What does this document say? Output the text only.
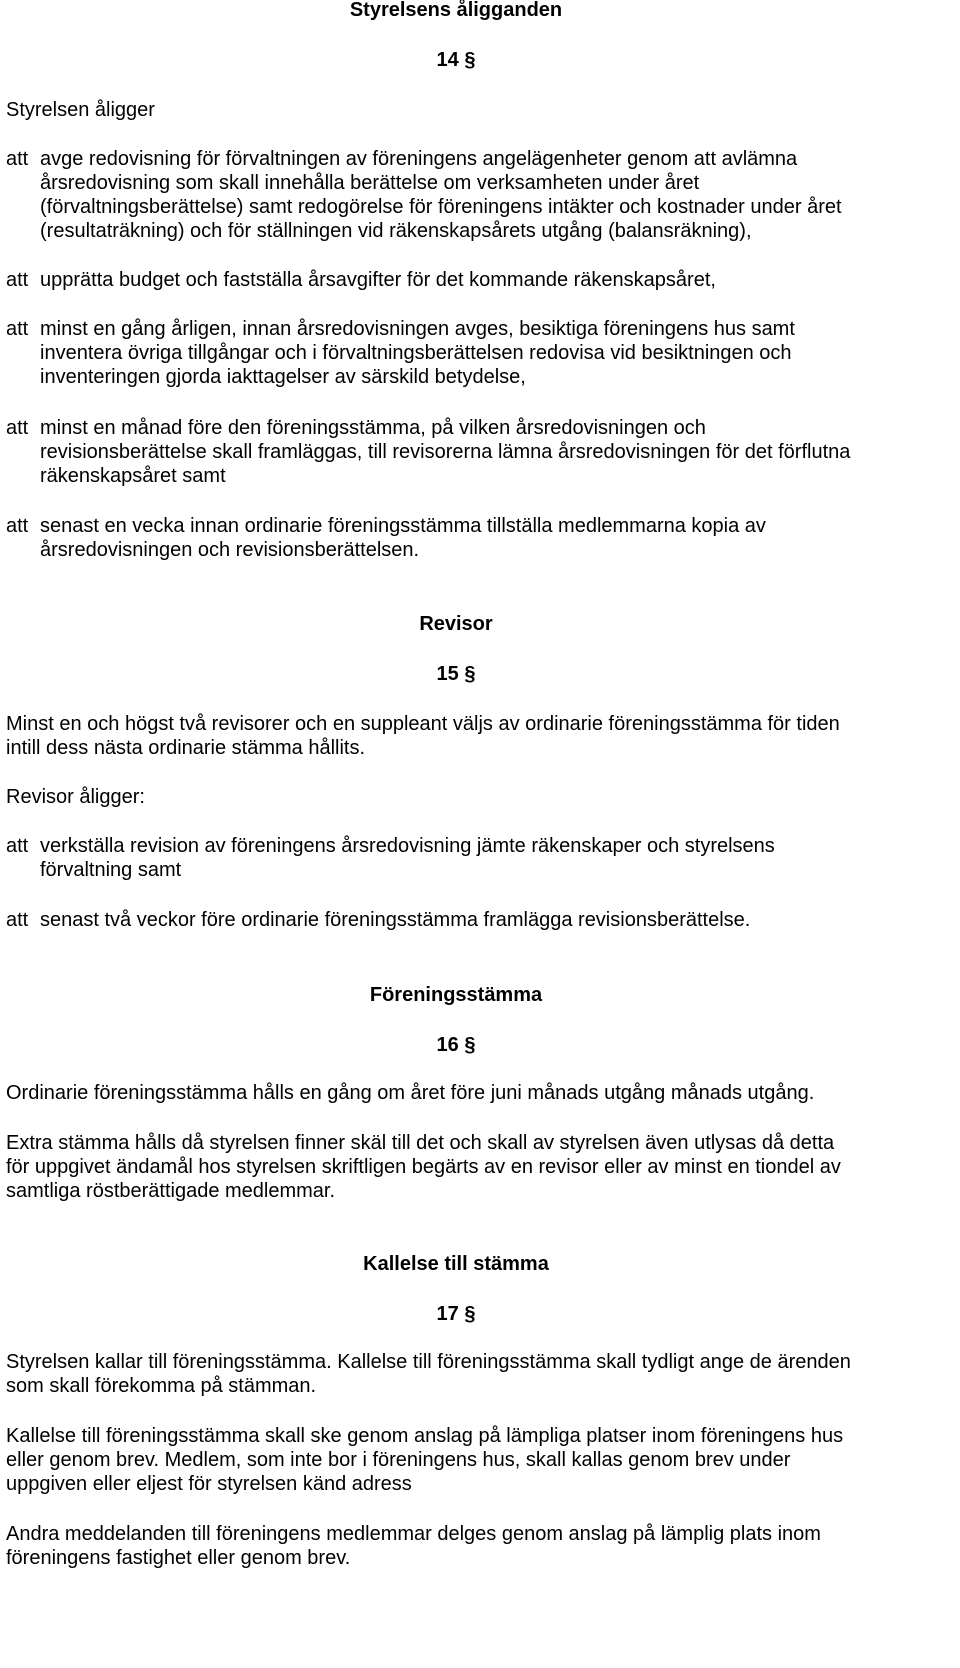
Styrelsens åligganden
14 §
Styrelsen åligger
att avge redovisning för förvaltningen av föreningens angelägenheter genom att avlämna
årsredovisning som skall innehålla berättelse om verksamheten under året
(förvaltningsberättelse) samt redogörelse för föreningens intäkter och kostnader under året
(resultaträkning) och för ställningen vid räkenskapsårets utgång (balansräkning),
att upprätta budget och fastställa årsavgifter för det kommande räkenskapsåret,
att minst en gång årligen, innan årsredovisningen avges, besiktiga föreningens hus samt
inventera övriga tillgångar och i förvaltningsberättelsen redovisa vid besiktningen och
inventeringen gjorda iakttagelser av särskild betydelse,
att minst en månad före den föreningsstämma, på vilken årsredovisningen och
revisionsberättelse skall framläggas, till revisorerna lämna årsredovisningen för det förflutna
räkenskapsåret samt
att senast en vecka innan ordinarie föreningsstämma tillställa medlemmarna kopia av
årsredovisningen och revisionsberättelsen.
Revisor
15 §
Minst en och högst två revisorer och en suppleant väljs av ordinarie föreningsstämma för tiden
intill dess nästa ordinarie stämma hållits.
Revisor åligger:
att verkställa revision av föreningens årsredovisning jämte räkenskaper och styrelsens
förvaltning samt
att senast två veckor före ordinarie föreningsstämma framlägga revisionsberättelse.
Föreningsstämma
16 §
Ordinarie föreningsstämma hålls en gång om året före juni månads utgång månads utgång.
Extra stämma hålls då styrelsen finner skäl till det och skall av styrelsen även utlysas då detta
för uppgivet ändamål hos styrelsen skriftligen begärts av en revisor eller av minst en tiondel av
samtliga röstberättigade medlemmar.
Kallelse till stämma
17 §
Styrelsen kallar till föreningsstämma. Kallelse till föreningsstämma skall tydligt ange de ärenden
som skall förekomma på stämman.
Kallelse till föreningsstämma skall ske genom anslag på lämpliga platser inom föreningens hus
eller genom brev. Medlem, som inte bor i föreningens hus, skall kallas genom brev under
uppgiven eller eljest för styrelsen känd adress
Andra meddelanden till föreningens medlemmar delges genom anslag på lämplig plats inom
föreningens fastighet eller genom brev.
